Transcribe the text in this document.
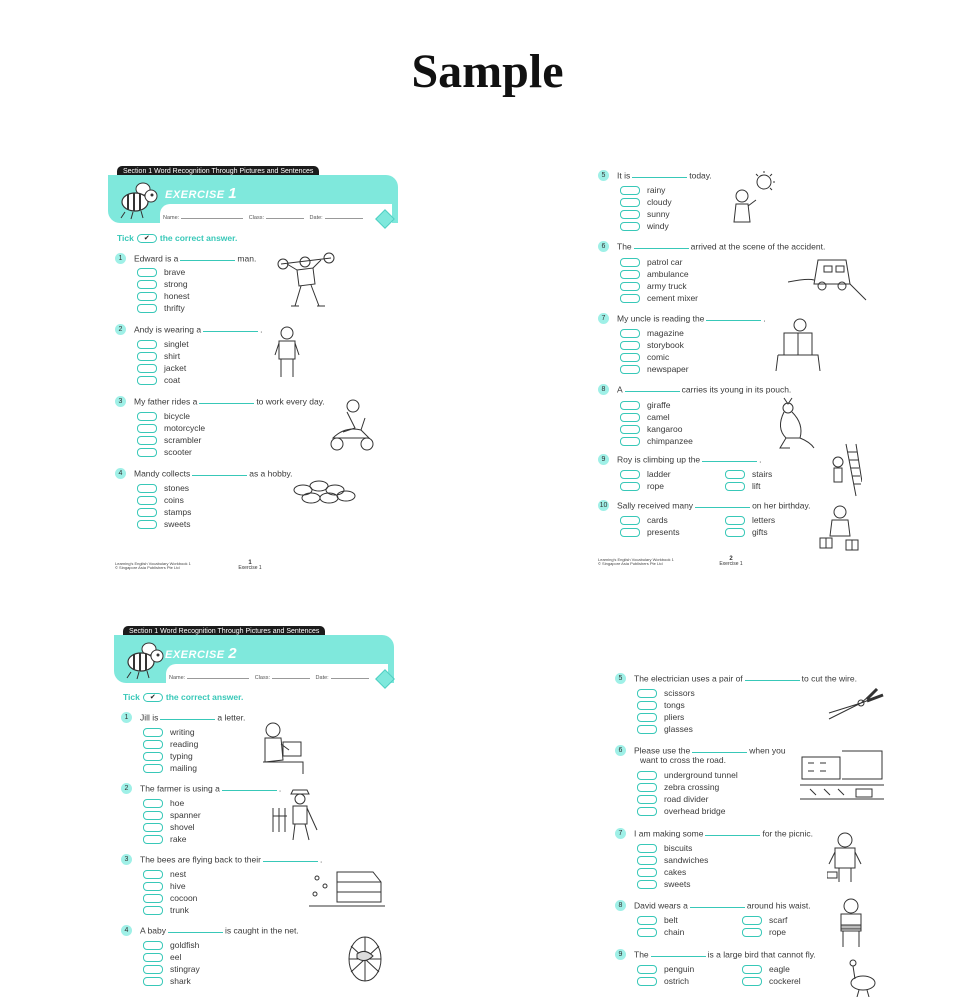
Sample
Section 1 Word Recognition Through Pictures and Sentences
EXERCISE 1
Name:	Class:	Date:
Tick ✔ the correct answer.
1 Edward is a	man.
brave
strong
honest
thrifty
2 Andy is wearing a	.
singlet
shirt
jacket
coat
3 My father rides a	to work every day.
bicycle
motorcycle
scrambler
scooter
4 Mandy collects	as a hobby.
stones
coins
stamps
sweets
Learning's English Vocabulary Workbook 1
© Singapore Asia Publishers Pte Ltd
1
Exercise 1
5 It is	today.
rainy
cloudy
sunny
windy
6 The	arrived at the scene of the accident.
patrol car
ambulance
army truck
cement mixer
7 My uncle is reading the	.
magazine
storybook
comic
newspaper
8 A	carries its young in its pouch.
giraffe
camel
kangaroo
chimpanzee
9 Roy is climbing up the	.
ladder	stairs
rope	lift
10 Sally received many	on her birthday.
cards	letters
presents	gifts
Learning's English Vocabulary Workbook 1
© Singapore Asia Publishers Pte Ltd
2
Exercise 1
Section 1 Word Recognition Through Pictures and Sentences
EXERCISE 2
Name:	Class:	Date:
Tick ✔ the correct answer.
1 Jill is	a letter.
writing
reading
typing
mailing
2 The farmer is using a	.
hoe
spanner
shovel
rake
3 The bees are flying back to their	.
nest
hive
cocoon
trunk
4 A baby	is caught in the net.
goldfish
eel
stingray
shark
5 The electrician uses a pair of	to cut the wire.
scissors
tongs
pliers
glasses
6 Please use the	when you
want to cross the road.
underground tunnel
zebra crossing
road divider
overhead bridge
7 I am making some	for the picnic.
biscuits
sandwiches
cakes
sweets
8 David wears a	around his waist.
belt	scarf
chain	rope
9 The	is a large bird that cannot fly.
penguin	eagle
ostrich	cockerel
